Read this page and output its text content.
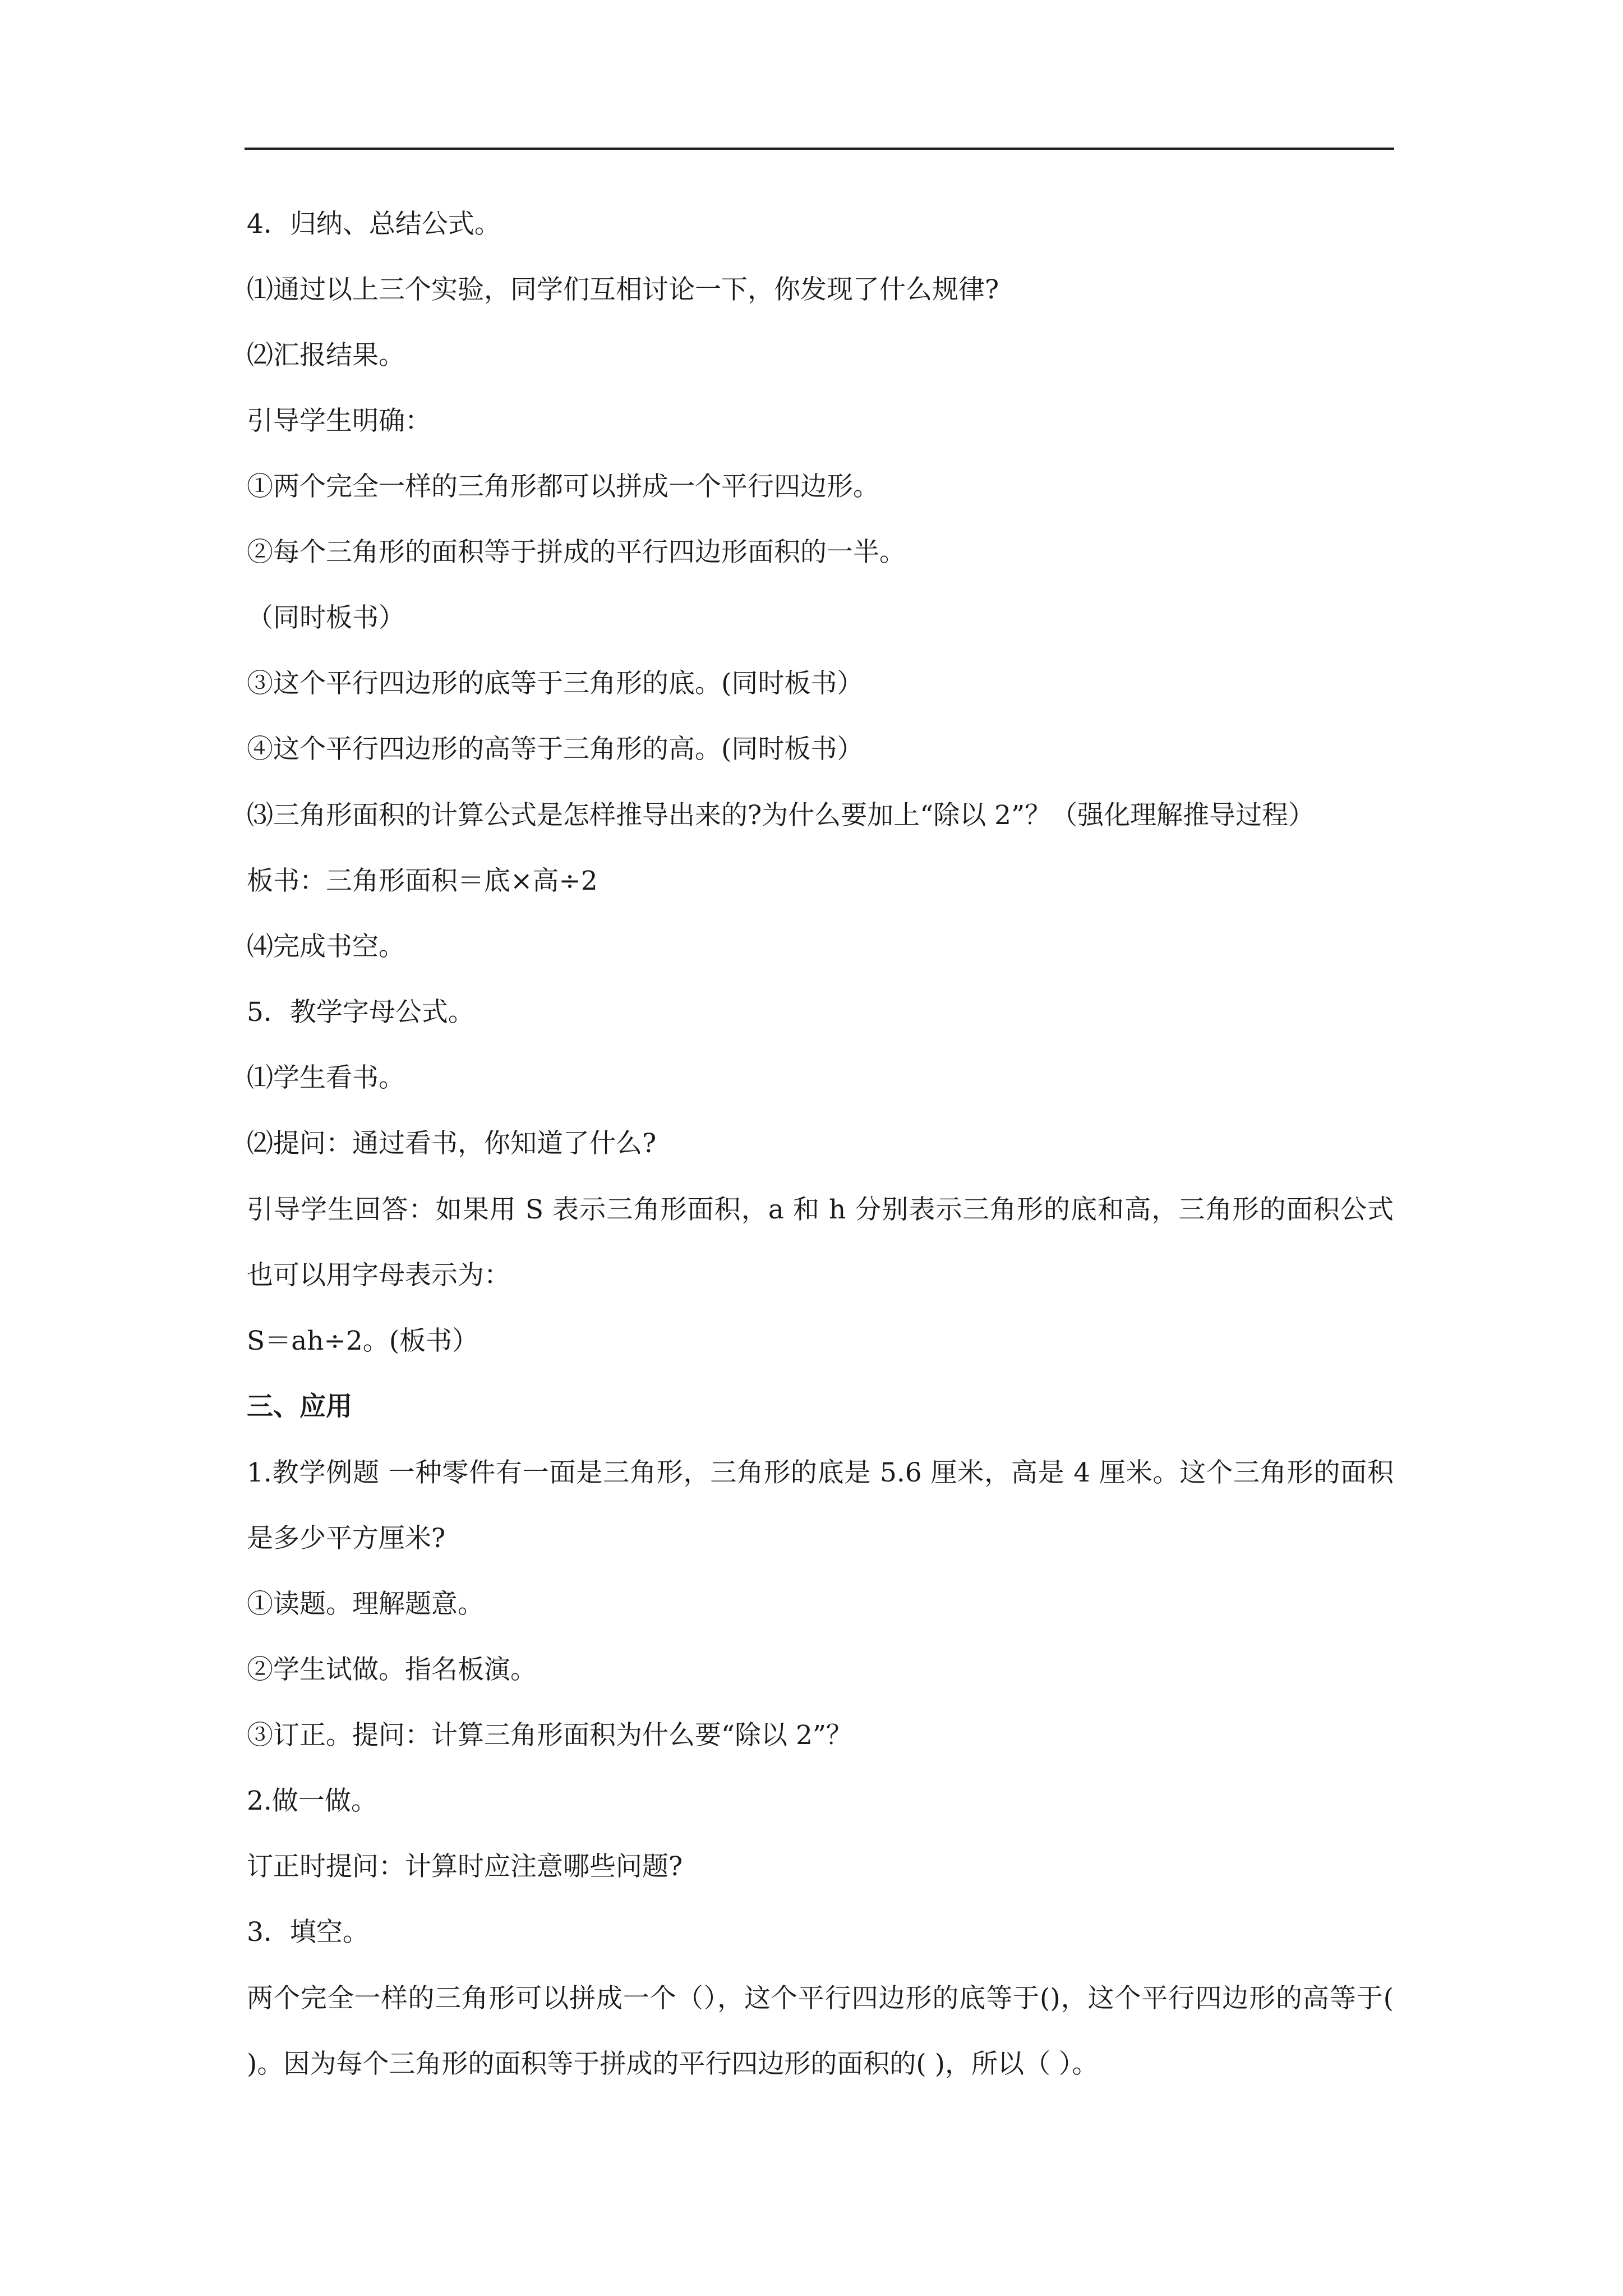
4．归纳、总结公式。
⑴通过以上三个实验，同学们互相讨论一下，你发现了什么规律?
⑵汇报结果。
引导学生明确：
①两个完全一样的三角形都可以拼成一个平行四边形。
②每个三角形的面积等于拼成的平行四边形面积的一半。
（同时板书）
③这个平行四边形的底等于三角形的底。(同时板书）
④这个平行四边形的高等于三角形的高。(同时板书）
⑶三角形面积的计算公式是怎样推导出来的?为什么要加上“除以 2”？（强化理解推导过程）
板书：三角形面积＝底×高÷2
⑷完成书空。
5．教学字母公式。
⑴学生看书。
⑵提问：通过看书，你知道了什么?
引导学生回答：如果用 S 表示三角形面积，a 和 h 分别表示三角形的底和高，三角形的面积公式也可以用字母表示为：
S＝ah÷2。(板书）
三、应用
1.教学例题 一种零件有一面是三角形，三角形的底是 5.6 厘米，高是 4 厘米。这个三角形的面积是多少平方厘米?
①读题。理解题意。
②学生试做。指名板演。
③订正。提问：计算三角形面积为什么要“除以 2”？
2.做一做。
订正时提问：计算时应注意哪些问题?
3．填空。
两个完全一样的三角形可以拼成一个（），这个平行四边形的底等于()，这个平行四边形的高等于( )。因为每个三角形的面积等于拼成的平行四边形的面积的( )，所以（ ）。
